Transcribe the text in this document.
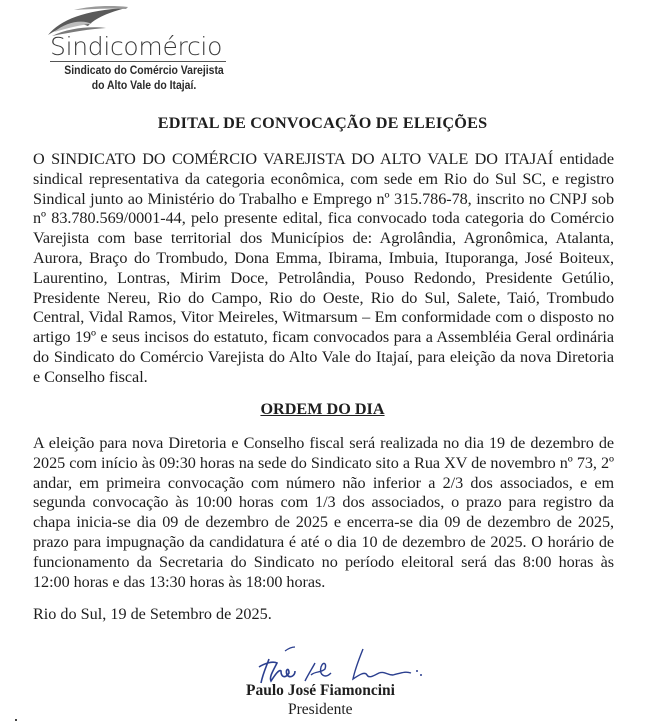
Sindicomércio
Sindicato do Comércio Varejista
do Alto Vale do Itajaí.
EDITAL DE CONVOCAÇÃO DE ELEIÇÕES
O SINDICATO DO COMÉRCIO VAREJISTA DO ALTO VALE DO ITAJAÍ entidade sindical representativa da categoria econômica, com sede em Rio do Sul SC, e registro Sindical junto ao Ministério do Trabalho e Emprego nº 315.786-78, inscrito no CNPJ sob nº 83.780.569/0001-44, pelo presente edital, fica convocado toda categoria do Comércio Varejista com base territorial dos Municípios de: Agrolândia, Agronômica, Atalanta, Aurora, Braço do Trombudo, Dona Emma, Ibirama, Imbuia, Ituporanga, José Boiteux, Laurentino, Lontras, Mirim Doce, Petrolândia, Pouso Redondo, Presidente Getúlio, Presidente Nereu, Rio do Campo, Rio do Oeste, Rio do Sul, Salete, Taió, Trombudo Central, Vidal Ramos, Vitor Meireles, Witmarsum – Em conformidade com o disposto no artigo 19º e seus incisos do estatuto, ficam convocados para a Assembléia Geral ordinária do Sindicato do Comércio Varejista do Alto Vale do Itajaí, para eleição da nova Diretoria e Conselho fiscal.
ORDEM DO DIA
A eleição para nova Diretoria e Conselho fiscal será realizada no dia 19 de dezembro de 2025 com início às 09:30 horas na sede do Sindicato sito a Rua XV de novembro nº 73, 2º andar, em primeira convocação com número não inferior a 2/3 dos associados, e em segunda convocação às 10:00 horas com 1/3 dos associados, o prazo para registro da chapa inicia-se dia 09 de dezembro de 2025 e encerra-se dia 09 de dezembro de 2025, prazo para impugnação da candidatura é até o dia 10 de dezembro de 2025. O horário de funcionamento da Secretaria do Sindicato no período eleitoral será das 8:00 horas às 12:00 horas e das 13:30 horas às 18:00 horas.
Rio do Sul, 19 de Setembro de 2025.
Paulo José Fiamoncini
Presidente
